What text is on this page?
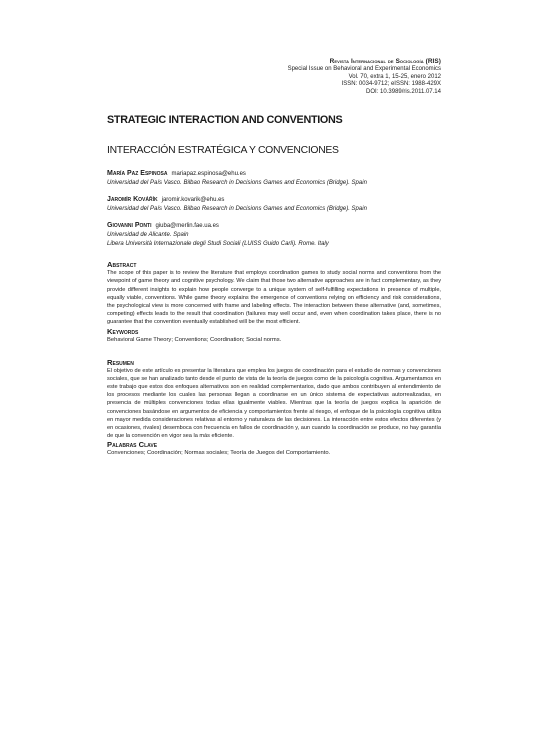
Revista Internacional de Sociología (RIS)
Special Issue on Behavioral and Experimental Economics
Vol. 70, extra 1, 15-25, enero 2012
ISSN: 0034-9712; eISSN: 1988-429X
DOI: 10.3989/ris.2011.07.14
STRATEGIC INTERACTION AND CONVENTIONS
INTERACCIÓN ESTRATÉGICA Y CONVENCIONES
María Paz Espinosa mariapaz.espinosa@ehu.es
Universidad del País Vasco. Bilbao Research in Decisions Games and Economics (Bridge). Spain
Jaromír Kovářík jaromir.kovarik@ehu.es
Universidad del País Vasco. Bilbao Research in Decisions Games and Economics (Bridge). Spain
Giovanni Ponti giuba@merlin.fae.ua.es
Universidad de Alicante. Spain
Libera Università Internazionale degli Studi Sociali (LUISS Guido Carli). Rome. Italy
Abstract
The scope of this paper is to review the literature that employs coordination games to study social norms and conventions from the viewpoint of game theory and cognitive psychology. We claim that those two alternative approaches are in fact complementary, as they provide different insights to explain how people converge to a unique system of self-fulfilling expectations in presence of multiple, equally viable, conventions. While game theory explains the emergence of conventions relying on efficiency and risk considerations, the psychological view is more concerned with frame and labeling effects. The interaction between these alternative (and, sometimes, competing) effects leads to the result that coordination (failures may well occur and, even when coordination takes place, there is no guarantee that the convention eventually established will be the most efficient.
Keywords
Behavioral Game Theory; Conventions; Coordination; Social norms.
Resumen
El objetivo de este artículo es presentar la literatura que emplea los juegos de coordinación para el estudio de normas y convenciones sociales, que se han analizado tanto desde el punto de vista de la teoría de juegos como de la psicología cognitiva. Argumentamos en este trabajo que estos dos enfoques alternativos son en realidad complementarios, dado que ambos contribuyen al entendimiento de los procesos mediante los cuales las personas llegan a coordinarse en un único sistema de expectativas autorrealizadas, en presencia de múltiples convenciones todas ellas igualmente viables. Mientras que la teoría de juegos explica la aparición de convenciones basándose en argumentos de eficiencia y comportamientos frente al riesgo, el enfoque de la psicología cognitiva utiliza en mayor medida consideraciones relativas al entorno y naturaleza de las decisiones. La interacción entre estos efectos diferentes (y en ocasiones, rivales) desemboca con frecuencia en fallos de coordinación y, aun cuando la coordinación se produce, no hay garantía de que la convención en vigor sea la más eficiente.
Palabras Clave
Convenciones; Coordinación; Normas sociales; Teoría de Juegos del Comportamiento.
